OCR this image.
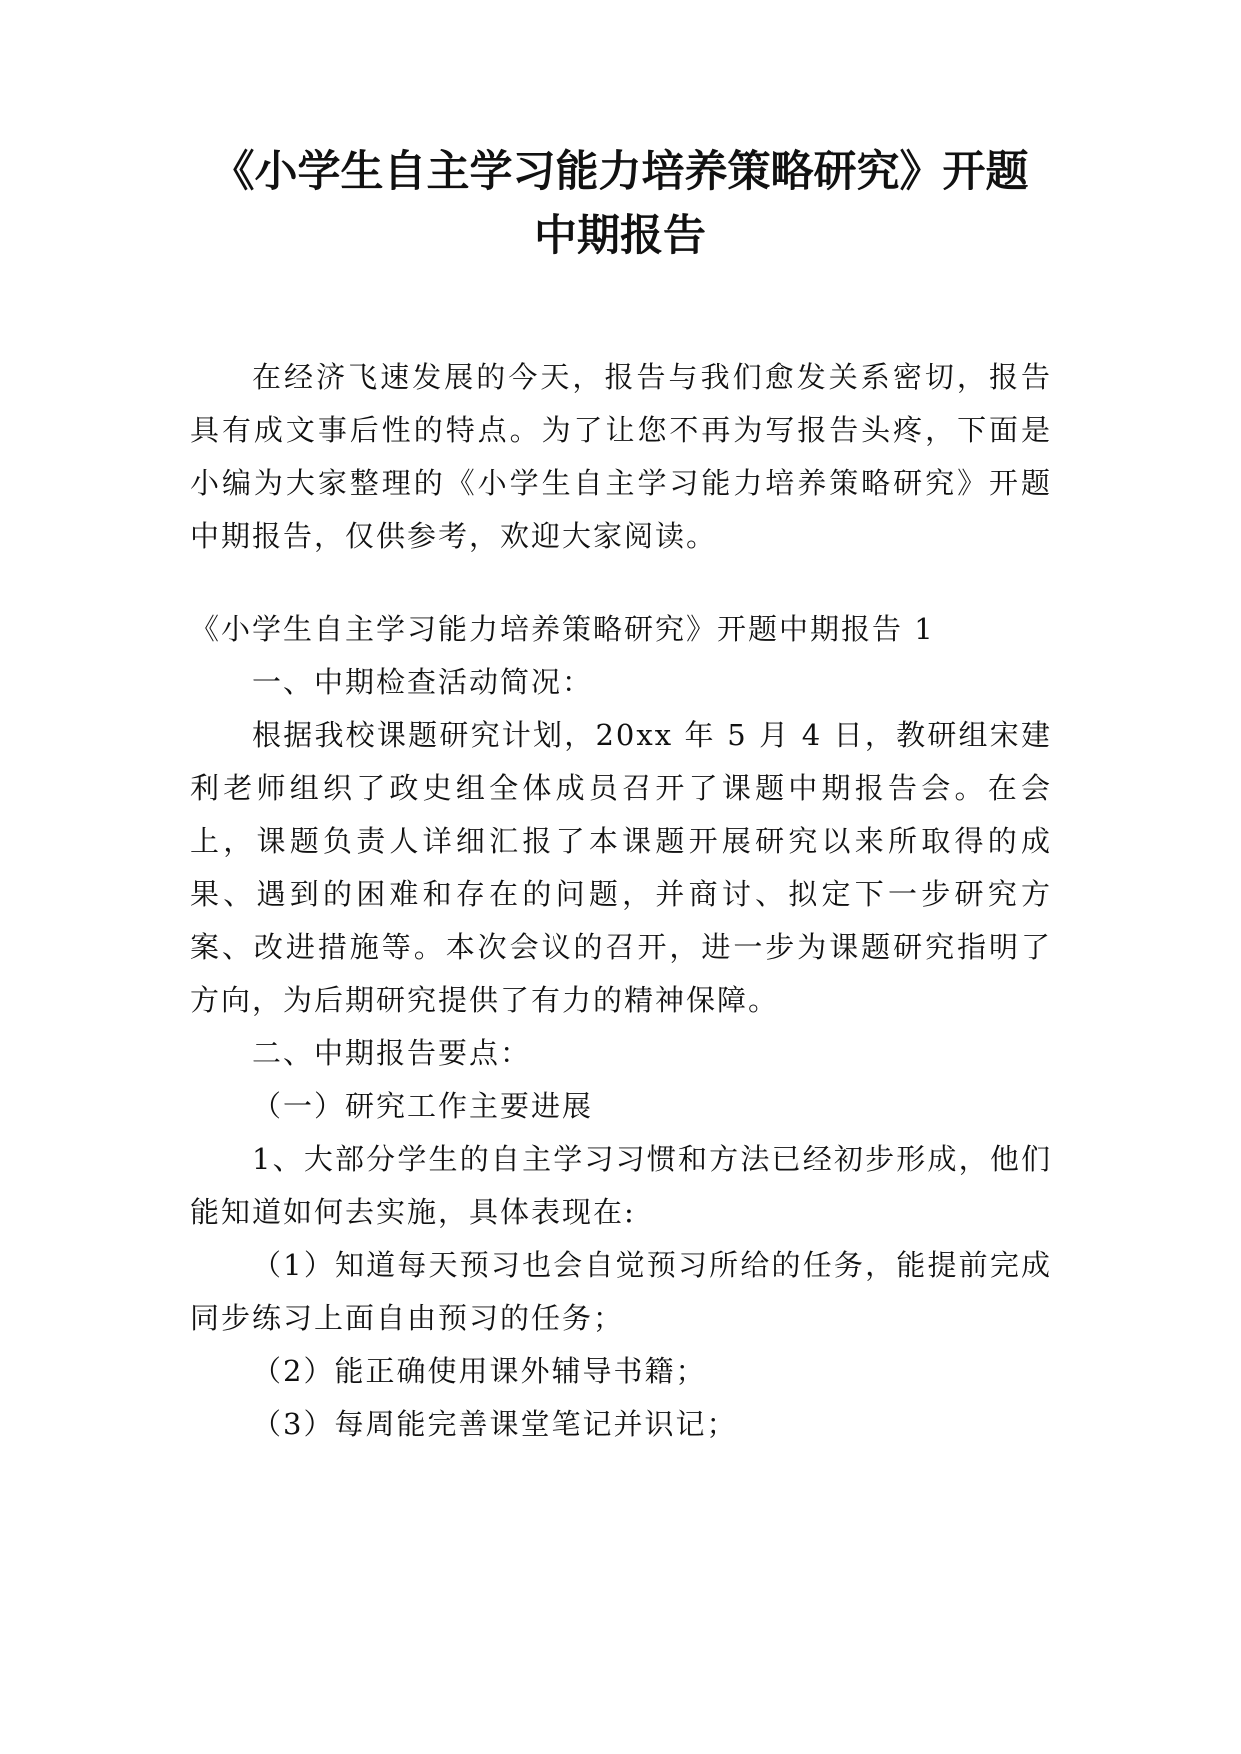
《小学生自主学习能力培养策略研究》开题
中期报告

在经济飞速发展的今天，报告与我们愈发关系密切，报告具有成文事后性的特点。为了让您不再为写报告头疼，下面是小编为大家整理的《小学生自主学习能力培养策略研究》开题中期报告，仅供参考，欢迎大家阅读。

《小学生自主学习能力培养策略研究》开题中期报告 1

一、中期检查活动简况：

根据我校课题研究计划，20xx 年 5 月 4 日，教研组宋建利老师组织了政史组全体成员召开了课题中期报告会。在会上，课题负责人详细汇报了本课题开展研究以来所取得的成果、遇到的困难和存在的问题，并商讨、拟定下一步研究方案、改进措施等。本次会议的召开，进一步为课题研究指明了方向，为后期研究提供了有力的精神保障。

二、中期报告要点：

（一）研究工作主要进展

1、大部分学生的自主学习习惯和方法已经初步形成，他们能知道如何去实施，具体表现在:

（1）知道每天预习也会自觉预习所给的任务，能提前完成同步练习上面自由预习的任务；

（2）能正确使用课外辅导书籍；

（3）每周能完善课堂笔记并识记；
